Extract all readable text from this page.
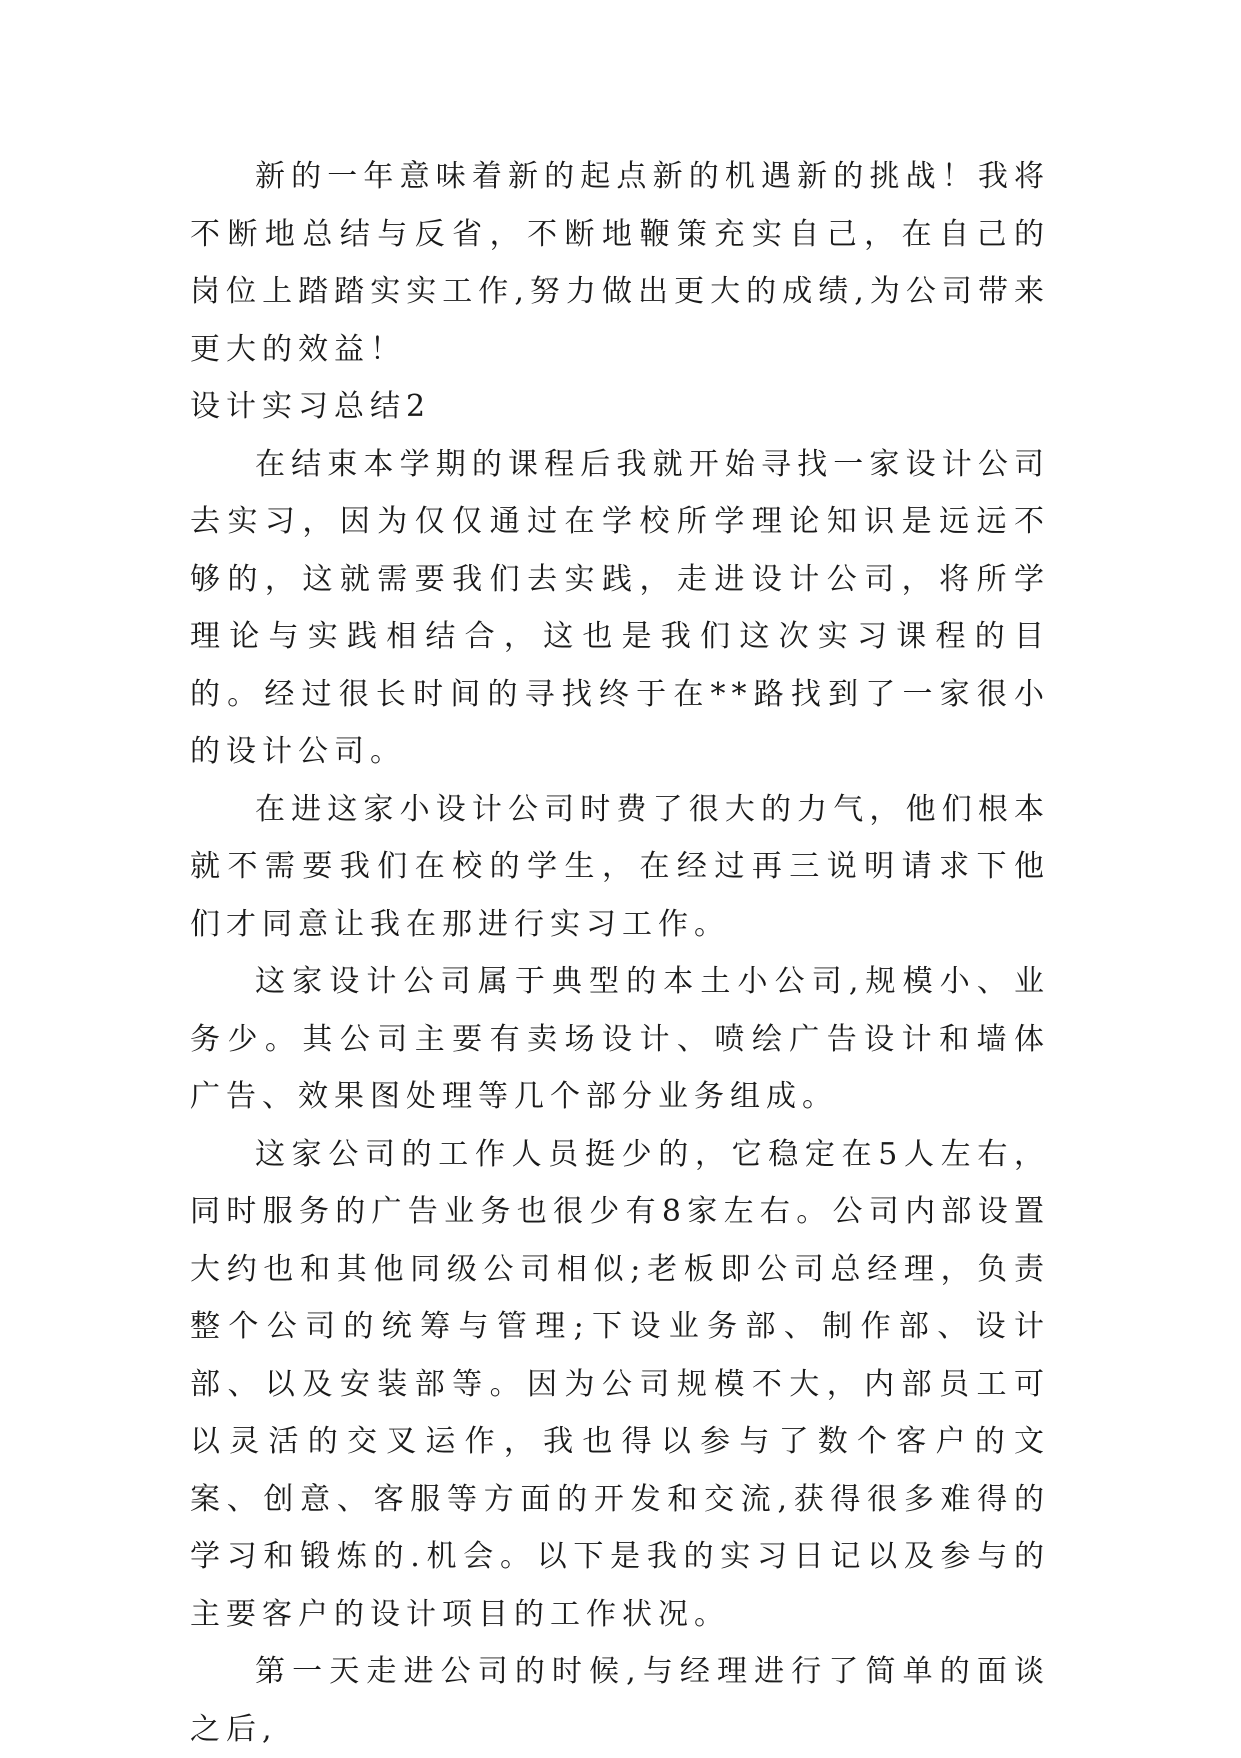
新的一年意味着新的起点新的机遇新的挑战！我将不断地总结与反省，不断地鞭策充实自己，在自己的岗位上踏踏实实工作,努力做出更大的成绩,为公司带来更大的效益！

设计实习总结2

在结束本学期的课程后我就开始寻找一家设计公司去实习，因为仅仅通过在学校所学理论知识是远远不够的，这就需要我们去实践，走进设计公司，将所学理论与实践相结合，这也是我们这次实习课程的目的。经过很长时间的寻找终于在**路找到了一家很小的设计公司。

在进这家小设计公司时费了很大的力气，他们根本就不需要我们在校的学生，在经过再三说明请求下他们才同意让我在那进行实习工作。

这家设计公司属于典型的本土小公司,规模小、业务少。其公司主要有卖场设计、喷绘广告设计和墙体广告、效果图处理等几个部分业务组成。

这家公司的工作人员挺少的，它稳定在5人左右，同时服务的广告业务也很少有8家左右。公司内部设置大约也和其他同级公司相似;老板即公司总经理，负责整个公司的统筹与管理;下设业务部、制作部、设计部、以及安装部等。因为公司规模不大，内部员工可以灵活的交叉运作，我也得以参与了数个客户的文案、创意、客服等方面的开发和交流,获得很多难得的学习和锻炼的.机会。以下是我的实习日记以及参与的主要客户的设计项目的工作状况。

第一天走进公司的时候,与经理进行了简单的面谈之后,
